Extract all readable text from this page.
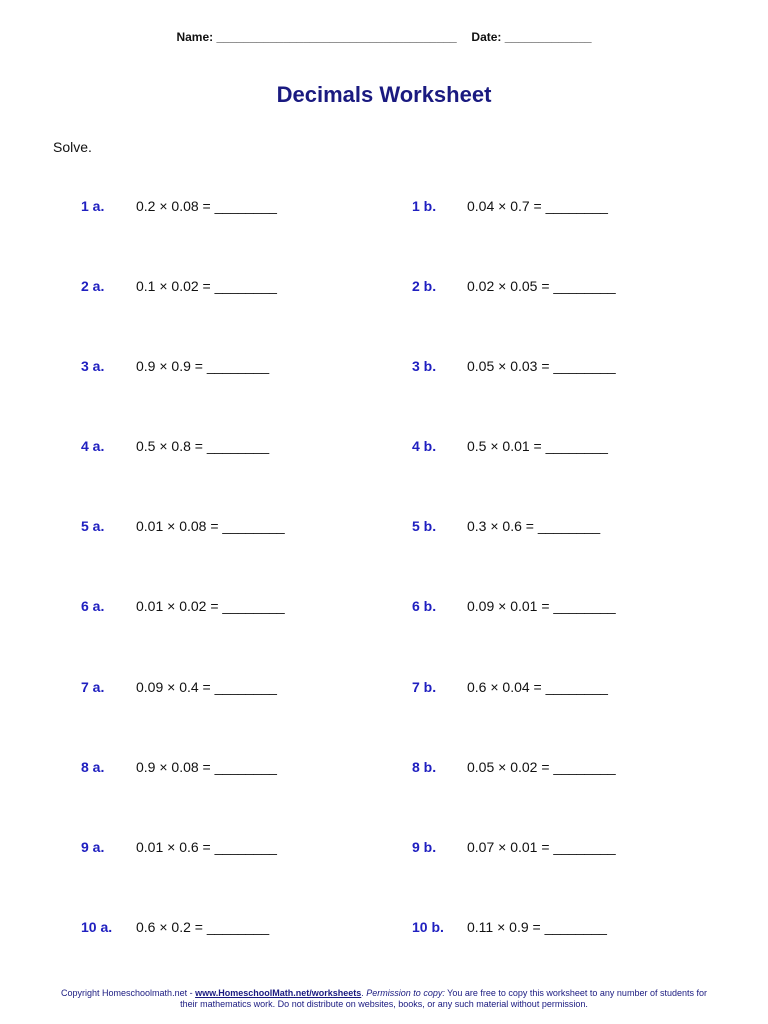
Name: ____________________________________ Date: _____________
Decimals Worksheet
Solve.
1 a. 0.2 × 0.08 = ________	1 b. 0.04 × 0.7 = ________
2 a. 0.1 × 0.02 = ________	2 b. 0.02 × 0.05 = ________
3 a. 0.9 × 0.9 = ________	3 b. 0.05 × 0.03 = ________
4 a. 0.5 × 0.8 = ________	4 b. 0.5 × 0.01 = ________
5 a. 0.01 × 0.08 = ________	5 b. 0.3 × 0.6 = ________
6 a. 0.01 × 0.02 = ________	6 b. 0.09 × 0.01 = ________
7 a. 0.09 × 0.4 = ________	7 b. 0.6 × 0.04 = ________
8 a. 0.9 × 0.08 = ________	8 b. 0.05 × 0.02 = ________
9 a. 0.01 × 0.6 = ________	9 b. 0.07 × 0.01 = ________
10 a. 0.6 × 0.2 = ________	10 b. 0.11 × 0.9 = ________
Copyright Homeschoolmath.net - www.HomeschoolMath.net/worksheets. Permission to copy: You are free to copy this worksheet to any number of students for their mathematics work. Do not distribute on websites, books, or any such material without permission.
